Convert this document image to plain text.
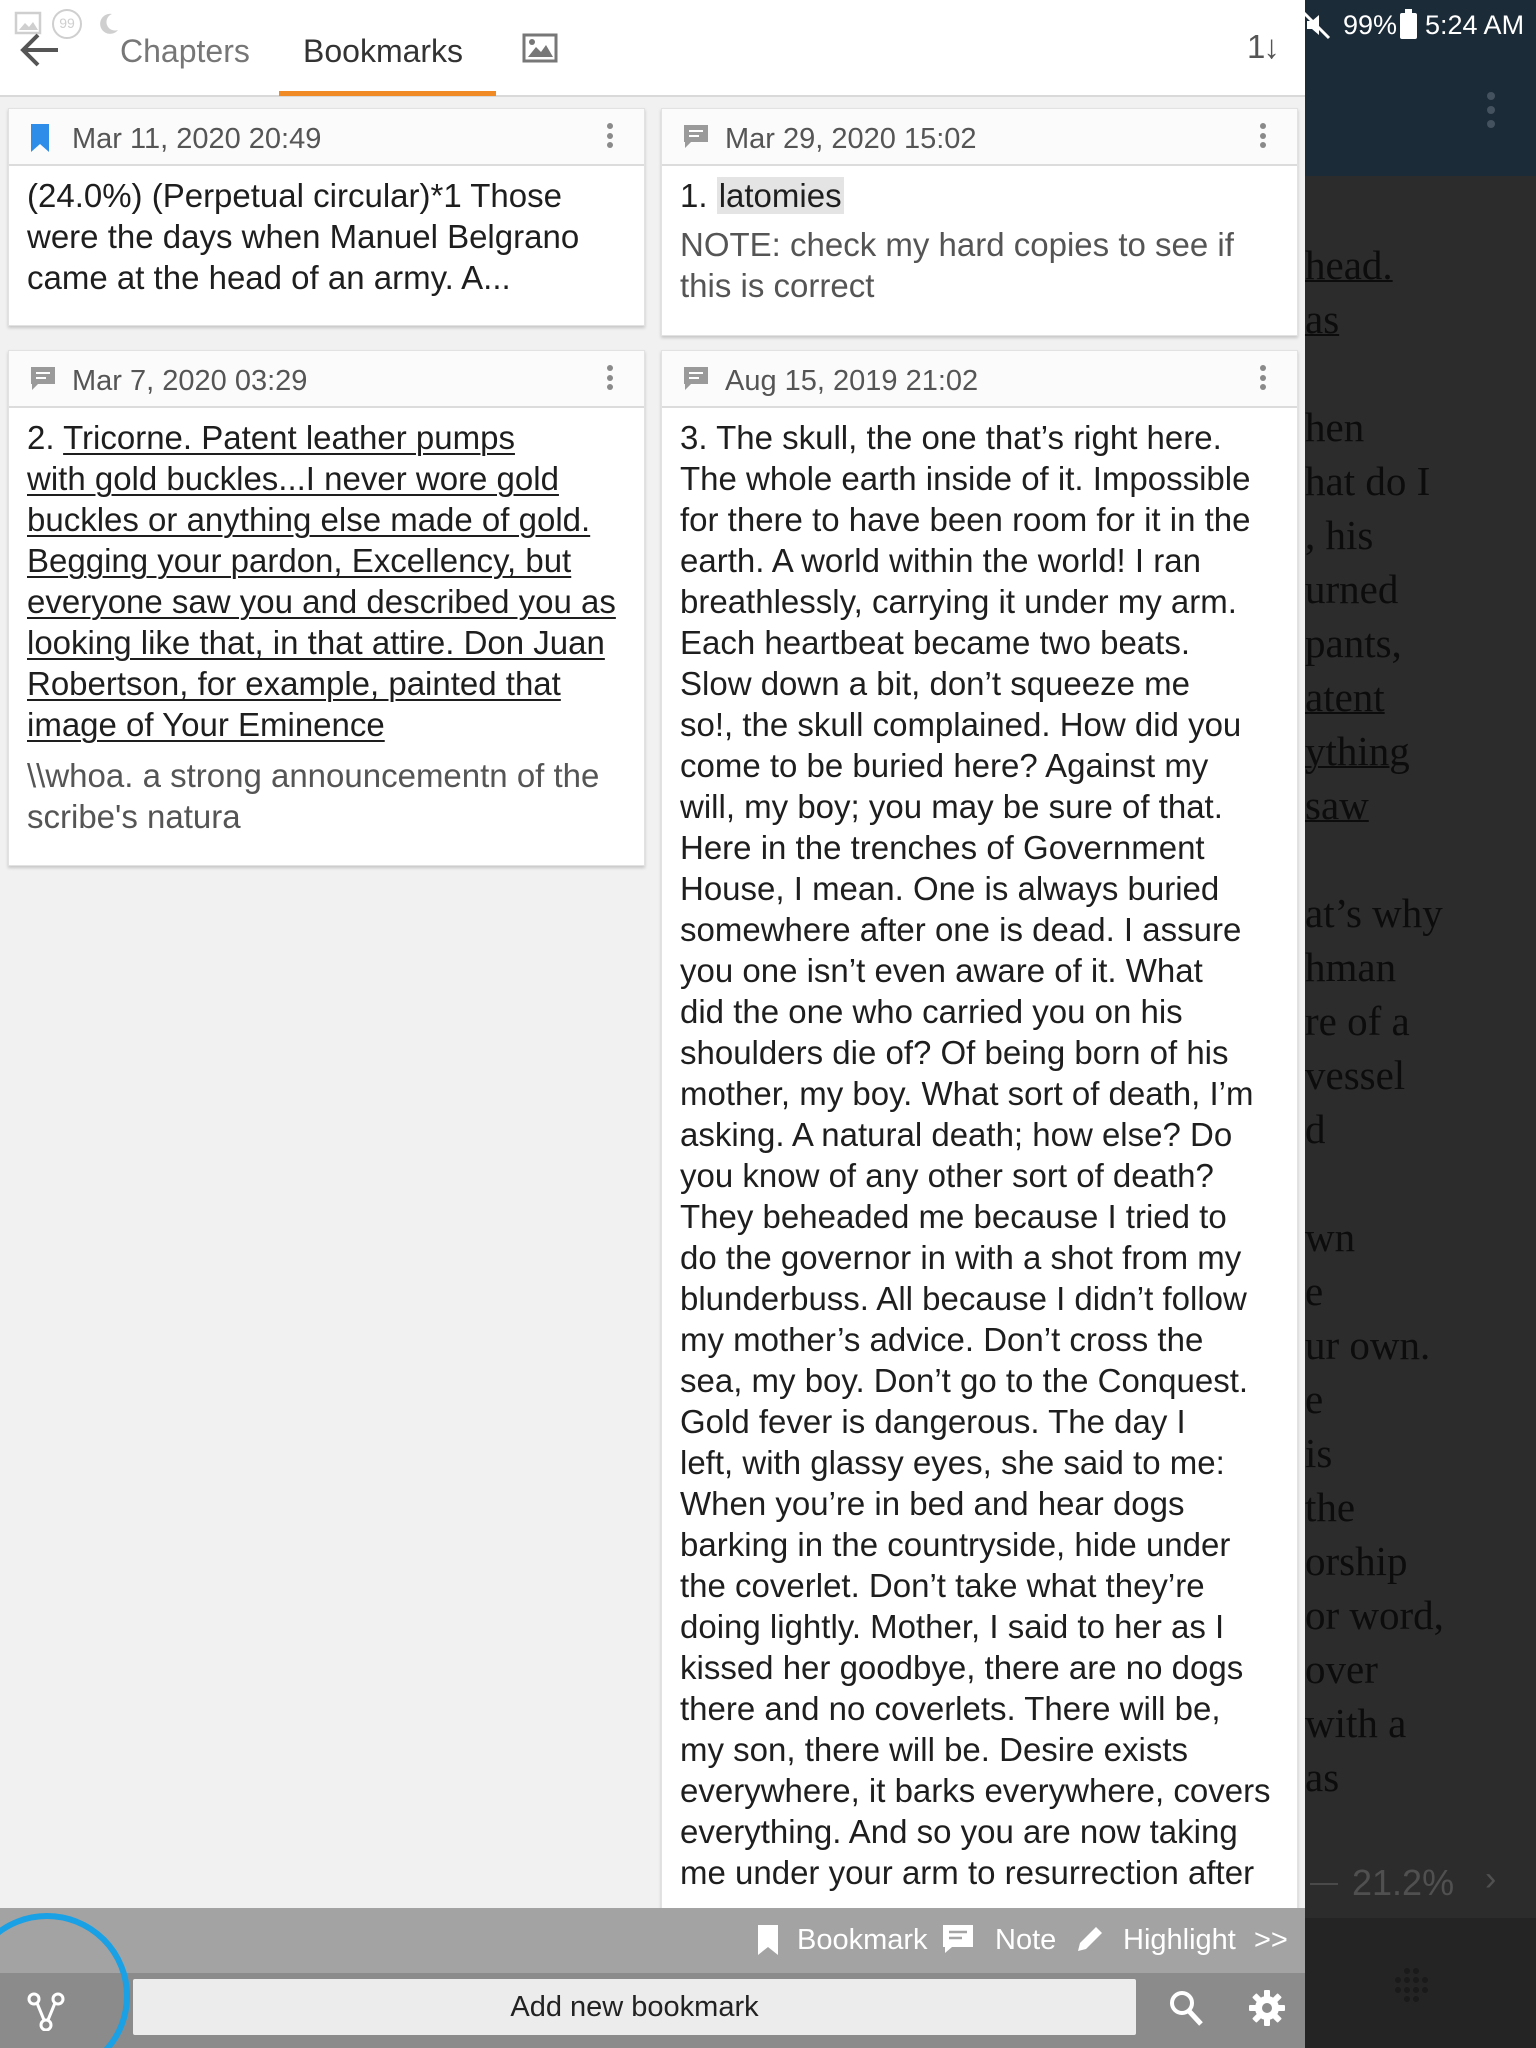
head.
as
hen
hat do I
, his
urned
pants,
atent
ything
saw
at’s why
hman
re of a
vessel
d
wn
e
ur own.
e
is
the
orship
or word,
over
with a
as
21.2% ›
99% 5:24 AM
99
Chapters Bookmarks	1↓
Mar 11, 2020 20:49
(24.0%) (Perpetual circular)*1 Those
were the days when Manuel Belgrano
came at the head of an army. A...
Mar 29, 2020 15:02
1. latomies
NOTE: check my hard copies to see if
this is correct
Mar 7, 2020 03:29
2. Tricorne. Patent leather pumps
with gold buckles...I never wore gold
buckles or anything else made of gold.
Begging your pardon, Excellency, but
everyone saw you and described you as
looking like that, in that attire. Don Juan
Robertson, for example, painted that
image of Your Eminence
\\whoa. a strong announcementn of the
scribe's natura
Aug 15, 2019 21:02
3. The skull, the one that’s right here.
The whole earth inside of it. Impossible
for there to have been room for it in the
earth. A world within the world! I ran
breathlessly, carrying it under my arm.
Each heartbeat became two beats.
Slow down a bit, don’t squeeze me
so!, the skull complained. How did you
come to be buried here? Against my
will, my boy; you may be sure of that.
Here in the trenches of Government
House, I mean. One is always buried
somewhere after one is dead. I assure
you one isn’t even aware of it. What
did the one who carried you on his
shoulders die of? Of being born of his
mother, my boy. What sort of death, I’m
asking. A natural death; how else? Do
you know of any other sort of death?
They beheaded me because I tried to
do the governor in with a shot from my
blunderbuss. All because I didn’t follow
my mother’s advice. Don’t cross the
sea, my boy. Don’t go to the Conquest.
Gold fever is dangerous. The day I
left, with glassy eyes, she said to me:
When you’re in bed and hear dogs
barking in the countryside, hide under
the coverlet. Don’t take what they’re
doing lightly. Mother, I said to her as I
kissed her goodbye, there are no dogs
there and no coverlets. There will be,
my son, there will be. Desire exists
everywhere, it barks everywhere, covers
everything. And so you are now taking
me under your arm to resurrection after
Bookmark Note Highlight >>
Add new bookmark
